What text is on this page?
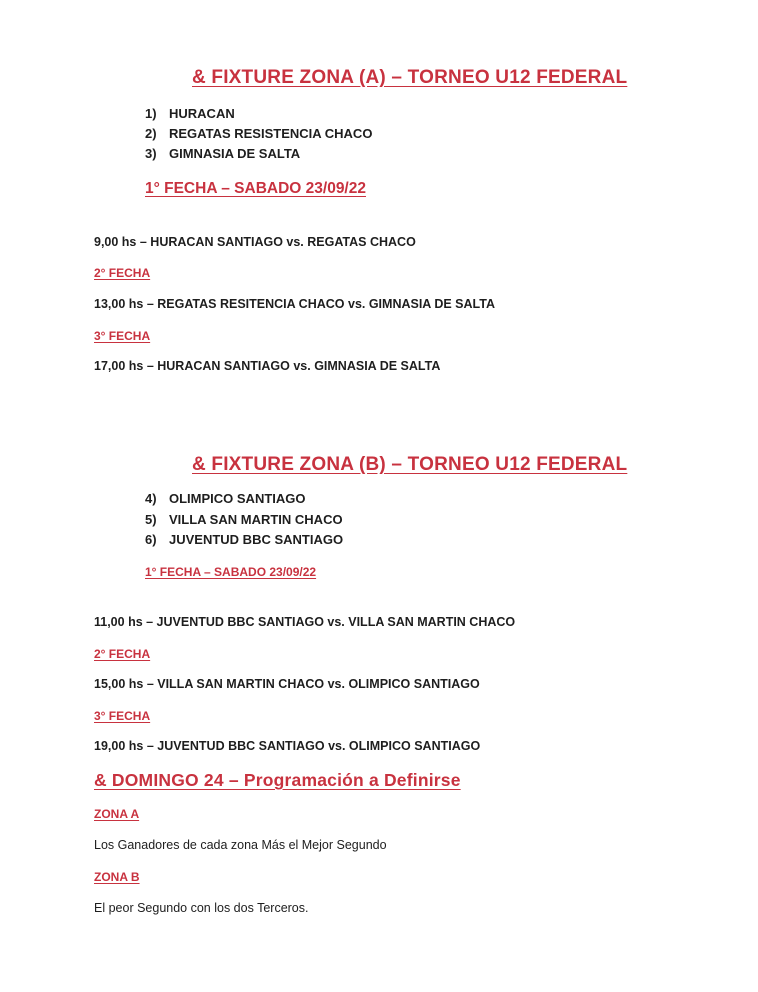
& FIXTURE ZONA (A) – TORNEO U12 FEDERAL
1) HURACAN
2) REGATAS RESISTENCIA CHACO
3) GIMNASIA DE SALTA
1° FECHA – SABADO 23/09/22
9,00 hs – HURACAN SANTIAGO vs. REGATAS CHACO
2° FECHA
13,00 hs – REGATAS RESITENCIA CHACO vs. GIMNASIA DE SALTA
3° FECHA
17,00 hs – HURACAN SANTIAGO vs. GIMNASIA DE SALTA
& FIXTURE ZONA (B) – TORNEO U12 FEDERAL
4) OLIMPICO SANTIAGO
5) VILLA SAN MARTIN CHACO
6) JUVENTUD BBC SANTIAGO
1° FECHA – SABADO 23/09/22
11,00 hs – JUVENTUD BBC SANTIAGO vs. VILLA SAN MARTIN CHACO
2° FECHA
15,00 hs – VILLA SAN MARTIN CHACO vs. OLIMPICO SANTIAGO
3° FECHA
19,00 hs – JUVENTUD BBC SANTIAGO vs. OLIMPICO SANTIAGO
& DOMINGO 24 – Programación a Definirse
ZONA A
Los Ganadores de cada zona Más el Mejor Segundo
ZONA B
El peor Segundo con los dos Terceros.
